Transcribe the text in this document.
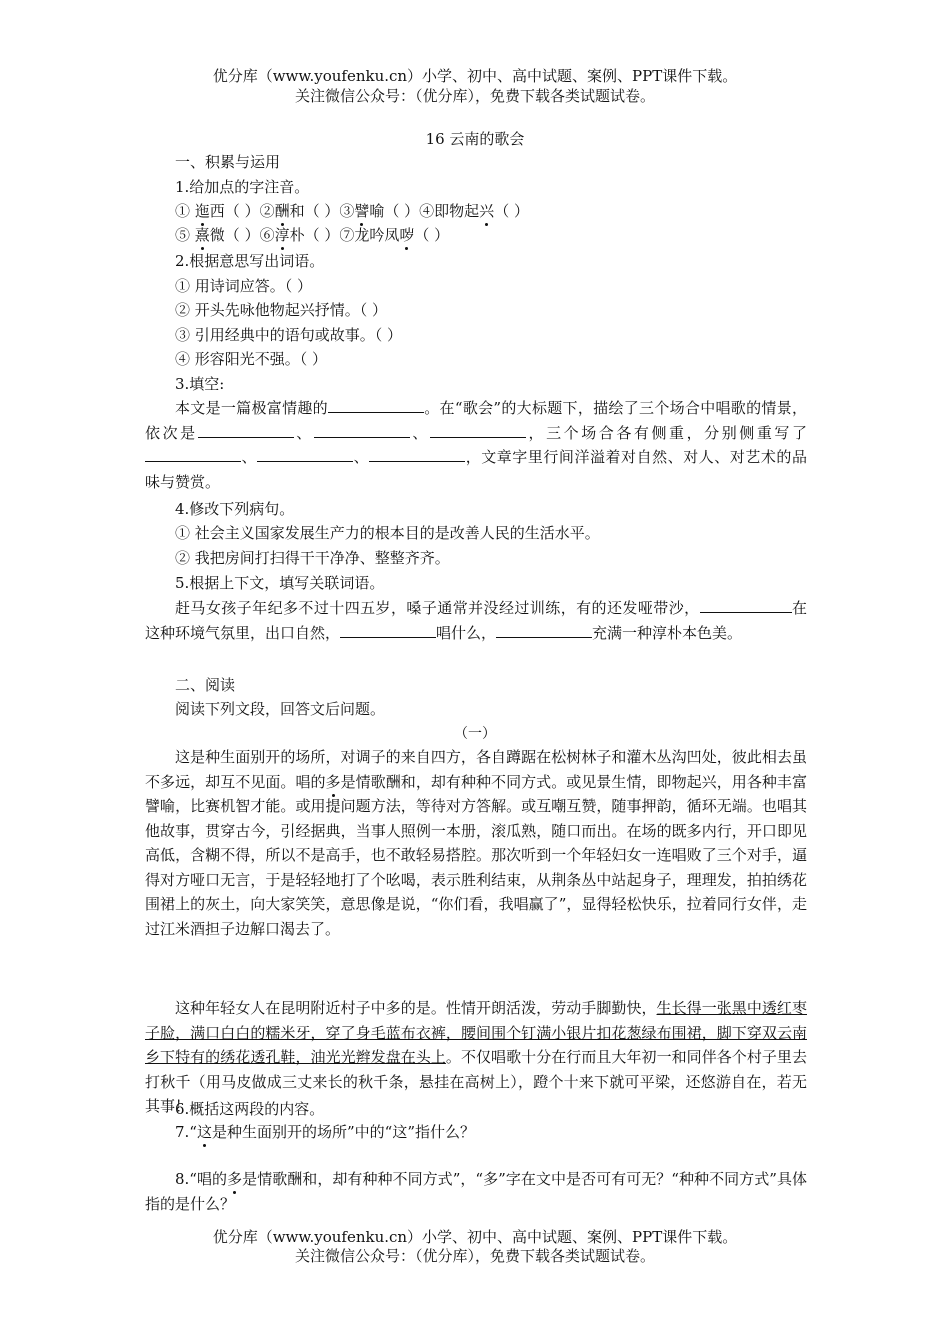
优分库（www.youfenku.cn）小学、初中、高中试题、案例、PPT课件下载。
关注微信公众号：（优分库），免费下载各类试题试卷。
16 云南的歌会
一、积累与运用
1.给加点的字注音。
① 迤西（ ）②酬和（ ）③譬喻（ ）④即物起兴（ ）
⑤ 熹微（ ）⑥淳朴（ ）⑦龙吟凤哕（ ）
2.根据意思写出词语。
① 用诗词应答。（ ）
② 开头先咏他物起兴抒情。（ ）
③ 引用经典中的语句或故事。（ ）
④ 形容阳光不强。（ ）
3.填空:
本文是一篇极富情趣的	。在“歌会”的大标题下，描绘了三个场合中唱歌的情景，依次是	、	、	，三个场合各有侧重，分别侧重写了、	、	，文章字里行间洋溢着对自然、对人、对艺术的品味与赞赏。
4.修改下列病句。
① 社会主义国家发展生产力的根本目的是改善人民的生活水平。
② 我把房间打扫得干干净净、整整齐齐。
5.根据上下文，填写关联词语。
赶马女孩子年纪多不过十四五岁，嗓子通常并没经过训练，有的还发哑带沙，	在这种环境气氛里，出口自然，	唱什么，	充满一种淳朴本色美。
二、阅读
阅读下列文段，回答文后问题。
（一）
这是种生面别开的场所，对调子的来自四方，各自蹲踞在松树林子和灌木丛沟凹处，彼此相去虽不多远，却互不见面。唱的多是情歌酬和，却有种种不同方式。或见景生情，即物起兴，用各种丰富譬喻，比赛机智才能。或用提问题方法，等待对方答解。或互嘲互赞，随事押韵，循环无端。也唱其他故事，贯穿古今，引经据典，当事人照例一本册，滚瓜熟，随口而出。在场的既多内行，开口即见高低，含糊不得，所以不是高手，也不敢轻易搭腔。那次听到一个年轻妇女一连唱败了三个对手，逼得对方哑口无言，于是轻轻地打了个吆喝，表示胜利结束，从荆条丛中站起身子，理理发，拍拍绣花围裙上的灰土，向大家笑笑，意思像是说，“你们看，我唱赢了”，显得轻松快乐，拉着同行女伴，走过江米酒担子边解口渴去了。
这种年轻女人在昆明附近村子中多的是。性情开朗活泼，劳动手脚勤快，生长得一张黑中透红枣子脸，满口白白的糯米牙，穿了身毛蓝布衣裤，腰间围个钉满小银片扣花葱绿布围裙，脚下穿双云南乡下特有的绣花透孔鞋，油光光辫发盘在头上。不仅唱歌十分在行而且大年初一和同伴各个村子里去打秋千（用马皮做成三丈来长的秋千条，悬挂在高树上），蹬个十来下就可平梁，还悠游自在，若无其事！
6.概括这两段的内容。
7.“这是种生面别开的场所”中的“这”指什么？
8.“唱的多是情歌酬和，却有种种不同方式”，“多”字在文中是否可有可无？“种种不同方式”具体指的是什么？
优分库（www.youfenku.cn）小学、初中、高中试题、案例、PPT课件下载。
关注微信公众号：（优分库），免费下载各类试题试卷。
